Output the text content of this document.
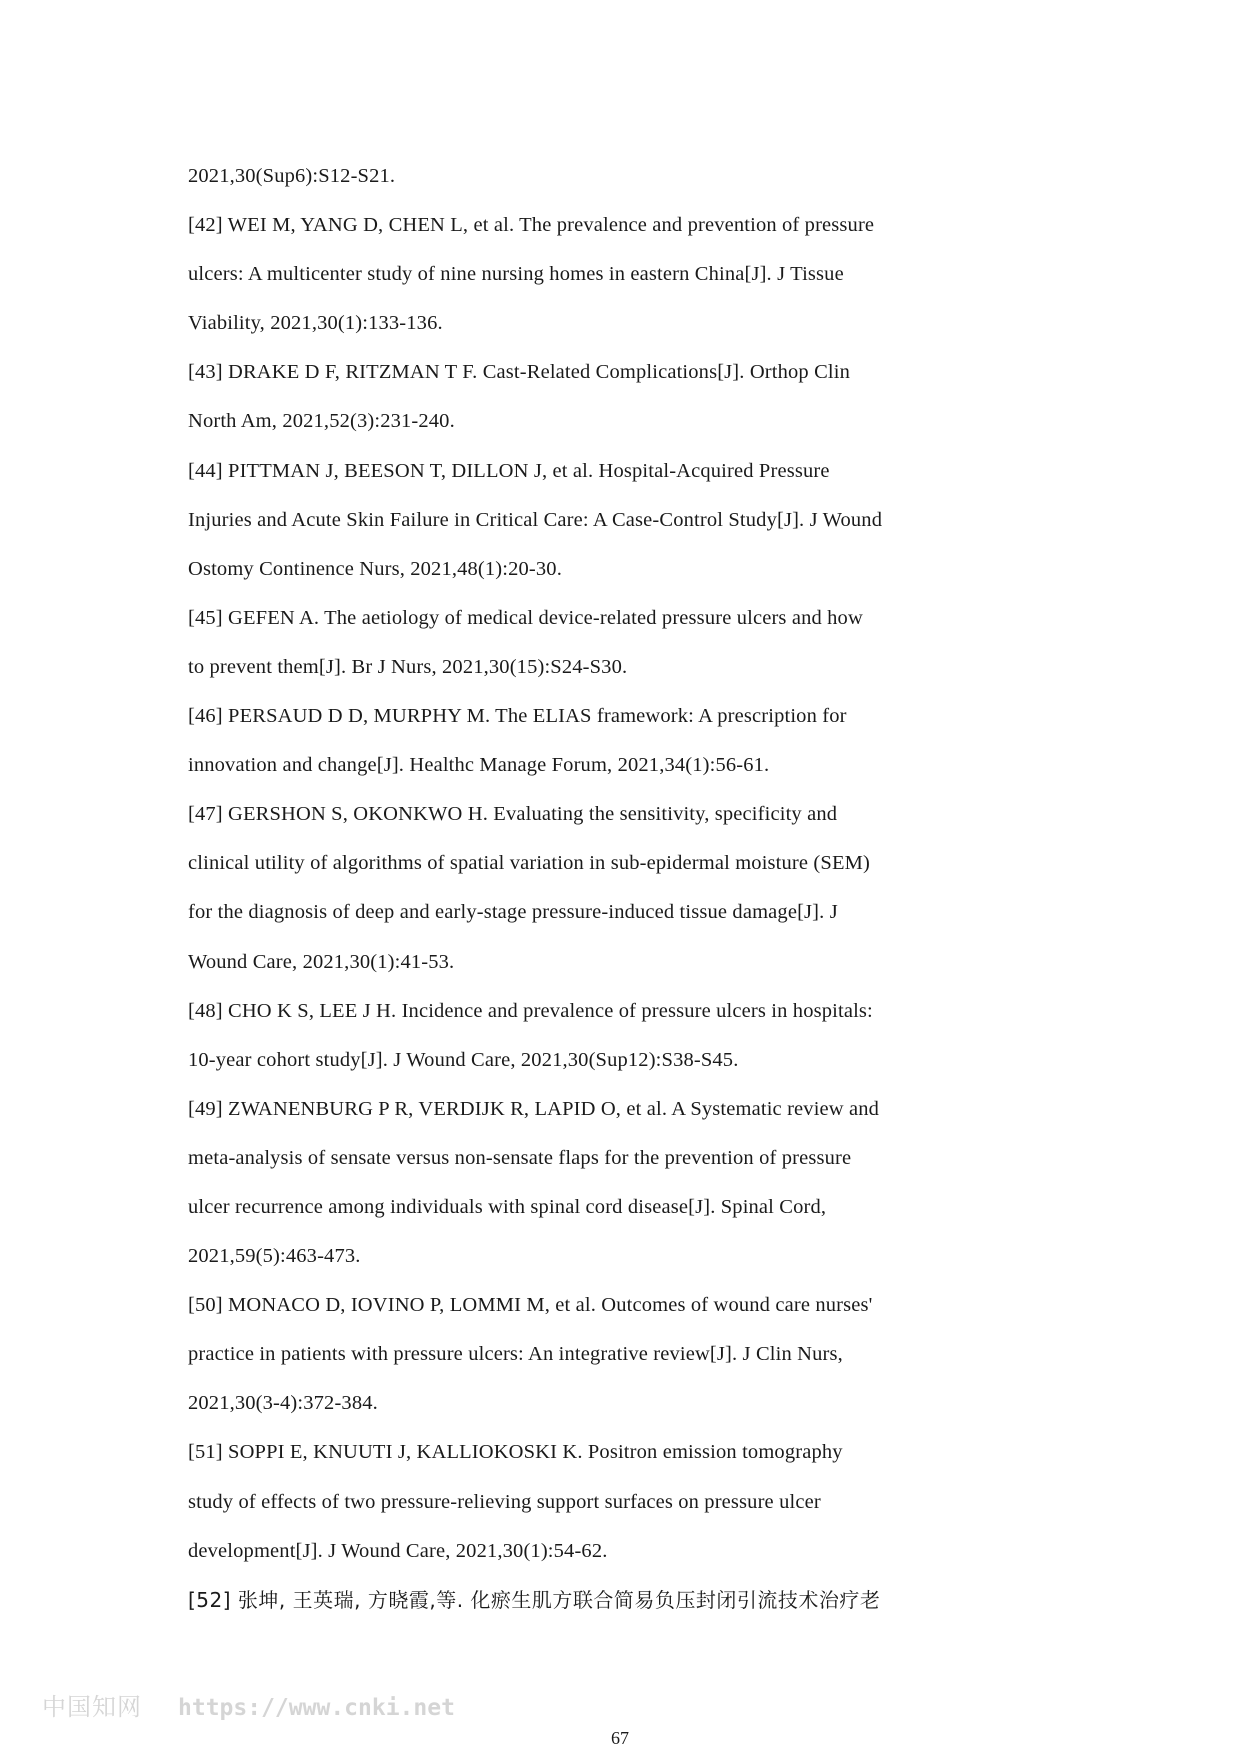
2021,30(Sup6):S12-S21.
[42] WEI M, YANG D, CHEN L, et al. The prevalence and prevention of pressure
ulcers: A multicenter study of nine nursing homes in eastern China[J]. J Tissue
Viability, 2021,30(1):133-136.
[43] DRAKE D F, RITZMAN T F. Cast-Related Complications[J]. Orthop Clin
North Am, 2021,52(3):231-240.
[44] PITTMAN J, BEESON T, DILLON J, et al. Hospital-Acquired Pressure
Injuries and Acute Skin Failure in Critical Care: A Case-Control Study[J]. J Wound
Ostomy Continence Nurs, 2021,48(1):20-30.
[45] GEFEN A. The aetiology of medical device-related pressure ulcers and how
to prevent them[J]. Br J Nurs, 2021,30(15):S24-S30.
[46] PERSAUD D D, MURPHY M. The ELIAS framework: A prescription for
innovation and change[J]. Healthc Manage Forum, 2021,34(1):56-61.
[47] GERSHON S, OKONKWO H. Evaluating the sensitivity, specificity and
clinical utility of algorithms of spatial variation in sub-epidermal moisture (SEM)
for the diagnosis of deep and early-stage pressure-induced tissue damage[J]. J
Wound Care, 2021,30(1):41-53.
[48] CHO K S, LEE J H. Incidence and prevalence of pressure ulcers in hospitals:
10-year cohort study[J]. J Wound Care, 2021,30(Sup12):S38-S45.
[49] ZWANENBURG P R, VERDIJK R, LAPID O, et al. A Systematic review and
meta-analysis of sensate versus non-sensate flaps for the prevention of pressure
ulcer recurrence among individuals with spinal cord disease[J]. Spinal Cord,
2021,59(5):463-473.
[50] MONACO D, IOVINO P, LOMMI M, et al. Outcomes of wound care nurses'
practice in patients with pressure ulcers: An integrative review[J]. J Clin Nurs,
2021,30(3-4):372-384.
[51] SOPPI E, KNUUTI J, KALLIOKOSKI K. Positron emission tomography
study of effects of two pressure-relieving support surfaces on pressure ulcer
development[J]. J Wound Care, 2021,30(1):54-62.
[52] 张坤, 王英瑞, 方晓霞,等. 化瘀生肌方联合简易负压封闭引流技术治疗老
中国知网 https://www.cnki.net
67
